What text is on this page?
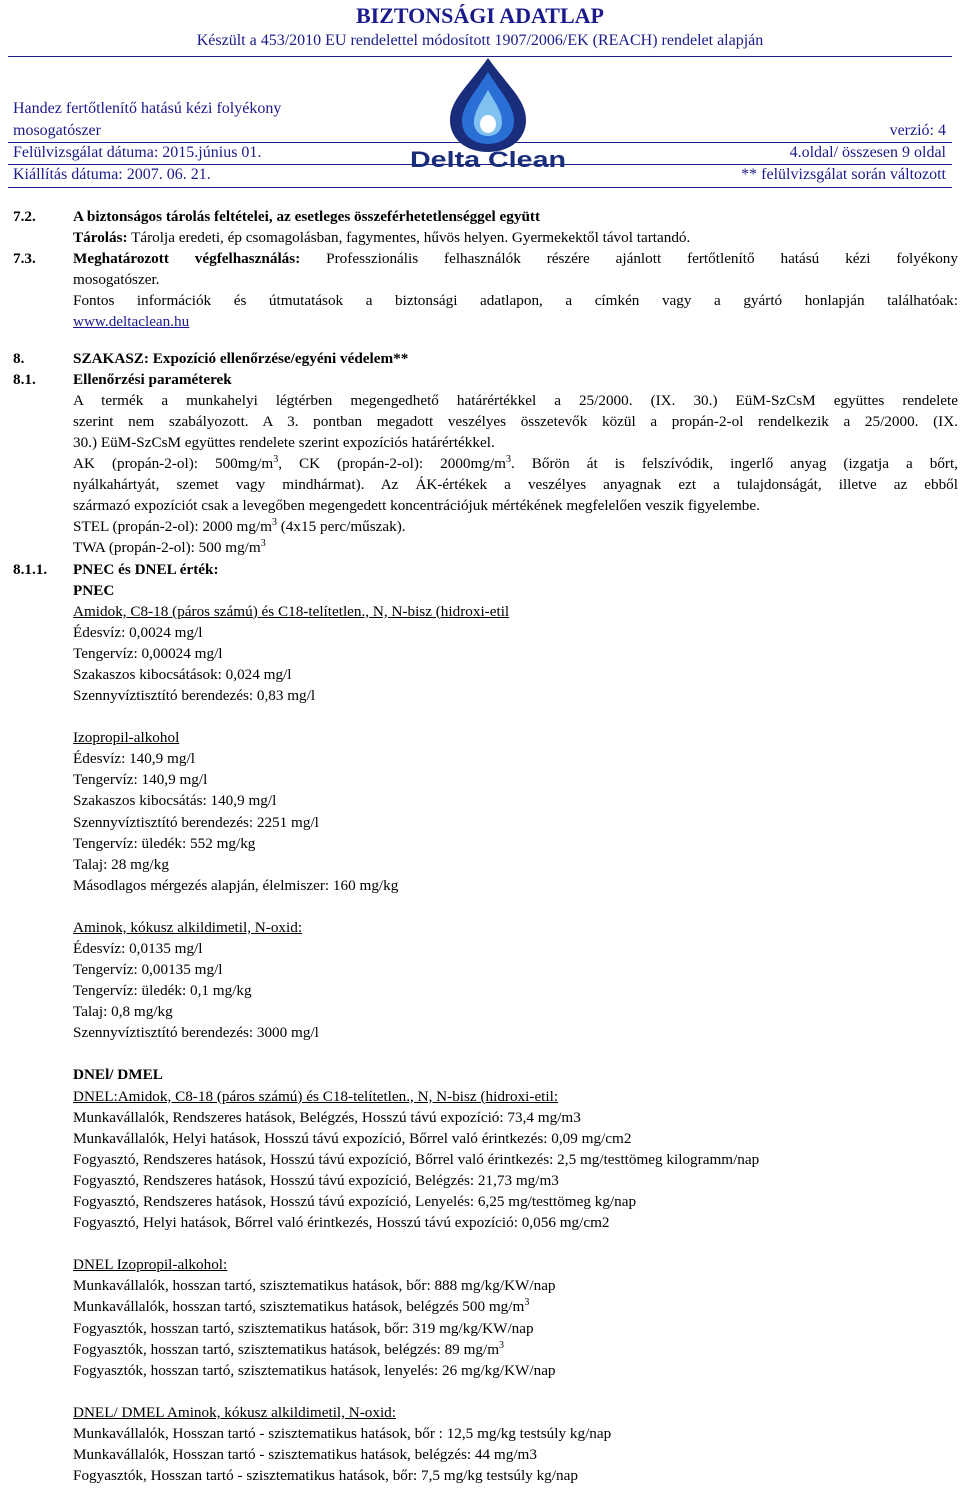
BIZTONSÁGI ADATLAP
Készült a 453/2010 EU rendelettel módosított 1907/2006/EK (REACH) rendelet alapján
Handez fertőtlenítő hatású kézi folyékony
mosogatószer
Felülvizsgálat dátuma: 2015.június 01.
Kiállítás dátuma: 2007. 06. 21.
verzió: 4
4.oldal/ összesen 9 oldal
** felülvizsgálat során változott
Delta Clean
7.2.	A biztonságos tárolás feltételei, az esetleges összeférhetetlenséggel együtt
Tárolás: Tárolja eredeti, ép csomagolásban, fagymentes, hűvös helyen. Gyermekektől távol tartandó.
7.3.	Meghatározott végfelhasználás: Professzionális felhasználók részére ajánlott fertőtlenítő hatású kézi folyékony
mosogatószer.
Fontos információk és útmutatások a biztonsági adatlapon, a címkén vagy a gyártó honlapján találhatóak:
www.deltaclean.hu
8.	SZAKASZ: Expozíció ellenőrzése/egyéni védelem**
8.1.	Ellenőrzési paraméterek
A termék a munkahelyi légtérben megengedhető határértékkel a 25/2000. (IX. 30.) EüM-SzCsM együttes rendelete
szerint nem szabályozott. A 3. pontban megadott veszélyes összetevők közül a propán-2-ol rendelkezik a 25/2000. (IX.
30.) EüM-SzCsM együttes rendelete szerint expozíciós határértékkel.
AK (propán-2-ol): $500mg/m^3$, CK (propán-2-ol): $2000mg/m^3$. Bőrön át is felszívódik, ingerlő anyag (izgatja a bőrt,
nyálkahártyát, szemet vagy mindhármat). Az ÁK-értékek a veszélyes anyagnak ezt a tulajdonságát, illetve az ebből
származó expozíciót csak a levegőben megengedett koncentrációjuk mértékének megfelelően veszik figyelembe.
STEL (propán-2-ol): 2000 $mg/m^3$ (4x15 perc/műszak).
TWA (propán-2-ol): 500 $mg/m^3$
8.1.1.	PNEC és DNEL érték:
PNEC
Amidok, C8-18 (páros számú) és C18-telítetlen., N, N-bisz (hidroxi-etil
Édesvíz: 0,0024 mg/l
Tengervíz: 0,00024 mg/l
Szakaszos kibocsátások: 0,024 mg/l
Szennyvíztisztító berendezés: 0,83 mg/l
Izopropil-alkohol
Édesvíz: 140,9 mg/l
Tengervíz: 140,9 mg/l
Szakaszos kibocsátás: 140,9 mg/l
Szennyvíztisztító berendezés: 2251 mg/l
Tengervíz: üledék: 552 mg/kg
Talaj: 28 mg/kg
Másodlagos mérgezés alapján, élelmiszer: 160 mg/kg
Aminok, kókusz alkildimetil, N-oxid:
Édesvíz: 0,0135 mg/l
Tengervíz: 0,00135 mg/l
Tengervíz: üledék: 0,1 mg/kg
Talaj: 0,8 mg/kg
Szennyvíztisztító berendezés: 3000 mg/l
DNEl/ DMEL
DNEL:Amidok, C8-18 (páros számú) és C18-telítetlen., N, N-bisz (hidroxi-etil:
Munkavállalók, Rendszeres hatások, Belégzés, Hosszú távú expozíció: 73,4 mg/m3
Munkavállalók, Helyi hatások, Hosszú távú expozíció, Bőrrel való érintkezés: 0,09 mg/cm2
Fogyasztó, Rendszeres hatások, Hosszú távú expozíció, Bőrrel való érintkezés: 2,5 mg/testtömeg kilogramm/nap
Fogyasztó, Rendszeres hatások, Hosszú távú expozíció, Belégzés: 21,73 mg/m3
Fogyasztó, Rendszeres hatások, Hosszú távú expozíció, Lenyelés: 6,25 mg/testtömeg kg/nap
Fogyasztó, Helyi hatások, Bőrrel való érintkezés, Hosszú távú expozíció: 0,056 mg/cm2
DNEL Izopropil-alkohol:
Munkavállalók, hosszan tartó, szisztematikus hatások, bőr: 888 mg/kg/KW/nap
Munkavállalók, hosszan tartó, szisztematikus hatások, belégzés 500 $mg/m^3$
Fogyasztók, hosszan tartó, szisztematikus hatások, bőr: 319 mg/kg/KW/nap
Fogyasztók, hosszan tartó, szisztematikus hatások, belégzés: 89 $mg/m^3$
Fogyasztók, hosszan tartó, szisztematikus hatások, lenyelés: 26 mg/kg/KW/nap
DNEL/ DMEL Aminok, kókusz alkildimetil, N-oxid:
Munkavállalók, Hosszan tartó - szisztematikus hatások, bőr : 12,5 mg/kg testsúly kg/nap
Munkavállalók, Hosszan tartó - szisztematikus hatások, belégzés: 44 mg/m3
Fogyasztók, Hosszan tartó - szisztematikus hatások, bőr: 7,5 mg/kg testsúly kg/nap
